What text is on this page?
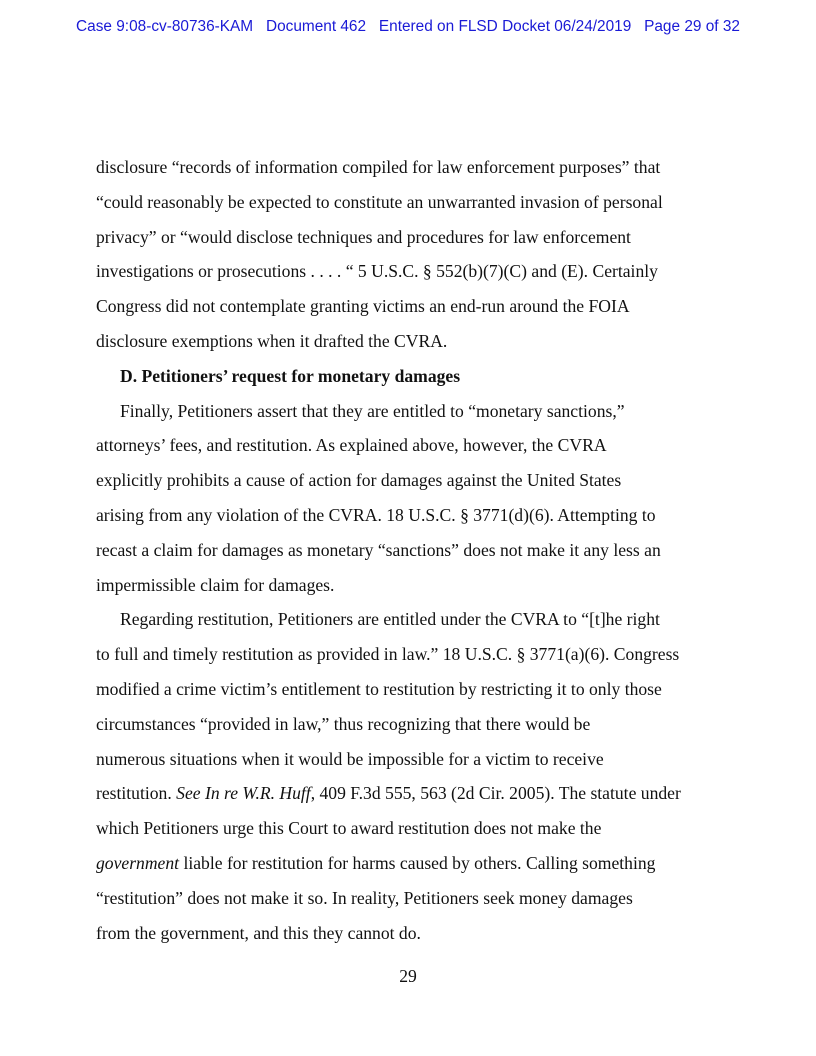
Case 9:08-cv-80736-KAM   Document 462   Entered on FLSD Docket 06/24/2019   Page 29 of 32
disclosure “records of information compiled for law enforcement purposes” that
“could reasonably be expected to constitute an unwarranted invasion of personal
privacy” or “would disclose techniques and procedures for law enforcement
investigations or prosecutions . . . . “ 5 U.S.C. § 552(b)(7)(C) and (E). Certainly
Congress did not contemplate granting victims an end-run around the FOIA
disclosure exemptions when it drafted the CVRA.
D. Petitioners’ request for monetary damages
Finally, Petitioners assert that they are entitled to “monetary sanctions,”
attorneys’ fees, and restitution. As explained above, however, the CVRA
explicitly prohibits a cause of action for damages against the United States
arising from any violation of the CVRA. 18 U.S.C. § 3771(d)(6). Attempting to
recast a claim for damages as monetary “sanctions” does not make it any less an
impermissible claim for damages.
Regarding restitution, Petitioners are entitled under the CVRA to “[t]he right
to full and timely restitution as provided in law.” 18 U.S.C. § 3771(a)(6). Congress
modified a crime victim’s entitlement to restitution by restricting it to only those
circumstances “provided in law,” thus recognizing that there would be
numerous situations when it would be impossible for a victim to receive
restitution. See In re W.R. Huff, 409 F.3d 555, 563 (2d Cir. 2005). The statute under
which Petitioners urge this Court to award restitution does not make the
government liable for restitution for harms caused by others. Calling something
“restitution” does not make it so. In reality, Petitioners seek money damages
from the government, and this they cannot do.
29
